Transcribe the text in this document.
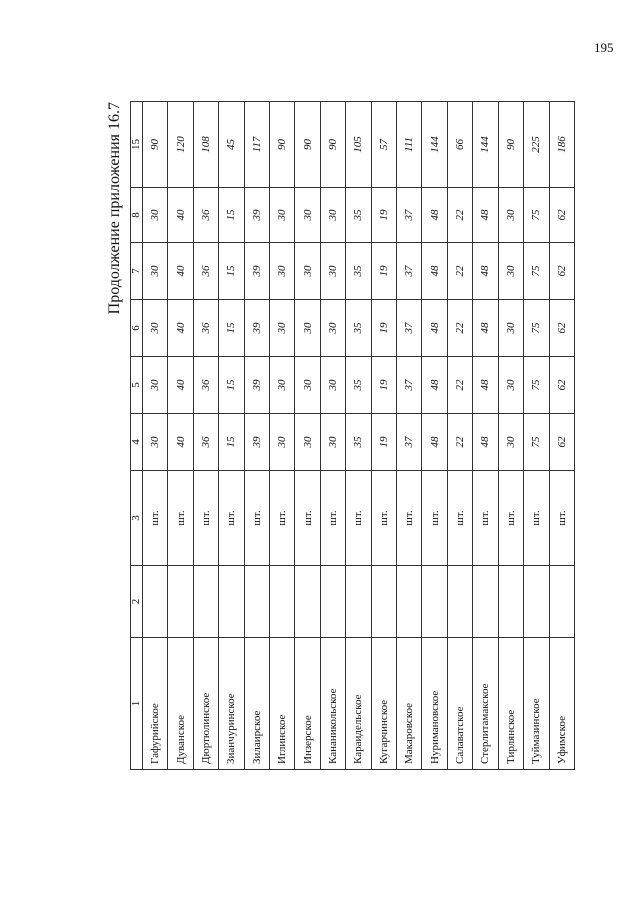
195
Продолжение приложения 16.7
1	2	3	4	5	6	7	8	15
Гафурийское		шт.	30	30	30	30	30	90
Дуванское		шт.	40	40	40	40	40	120
Дюртюлинское		шт.	36	36	36	36	36	108
Зианчуринское		шт.	15	15	15	15	15	45
Зилаирское		шт.	39	39	39	39	39	117
Иглинское		шт.	30	30	30	30	30	90
Инзерское		шт.	30	30	30	30	30	90
Кананикольское		шт.	30	30	30	30	30	90
Караидельское		шт.	35	35	35	35	35	105
Кугарчинское		шт.	19	19	19	19	19	57
Макаровское		шт.	37	37	37	37	37	111
Нуримановское		шт.	48	48	48	48	48	144
Салаватское		шт.	22	22	22	22	22	66
Стерлитамакское		шт.	48	48	48	48	48	144
Тирлянское		шт.	30	30	30	30	30	90
Туймазинское		шт.	75	75	75	75	75	225
Уфимское		шт.	62	62	62	62	62	186
